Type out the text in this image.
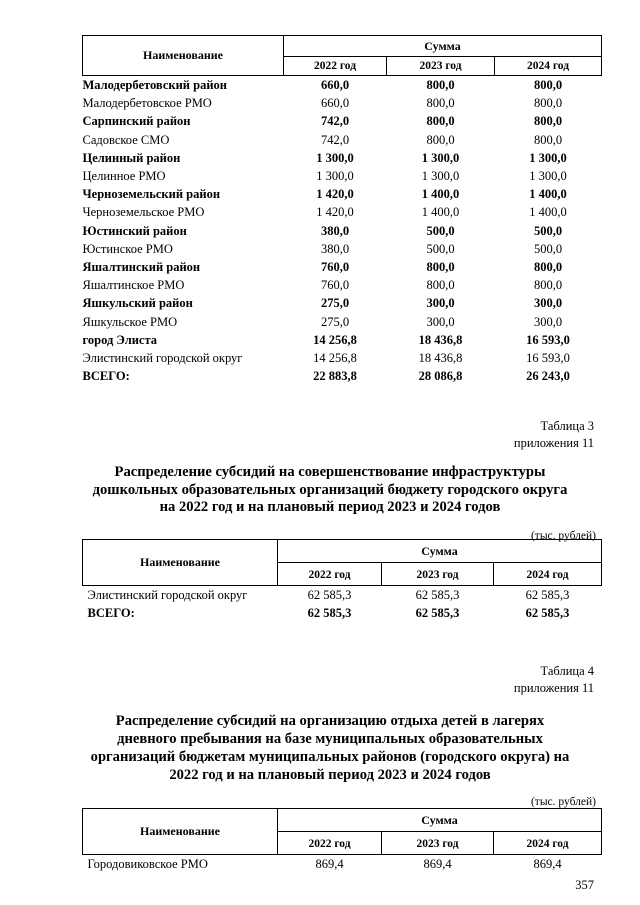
Наименование	Сумма		
	2022 год	2023 год	2024 год
Малодербетовский район	660,0	800,0	800,0
Малодербетовское РМО	660,0	800,0	800,0
Сарпинский район	742,0	800,0	800,0
Садовское СМО	742,0	800,0	800,0
Целинный район	1 300,0	1 300,0	1 300,0
Целинное РМО	1 300,0	1 300,0	1 300,0
Черноземельский район	1 420,0	1 400,0	1 400,0
Черноземельское РМО	1 420,0	1 400,0	1 400,0
Юстинский район	380,0	500,0	500,0
Юстинское РМО	380,0	500,0	500,0
Яшалтинский район	760,0	800,0	800,0
Яшалтинское РМО	760,0	800,0	800,0
Яшкульский район	275,0	300,0	300,0
Яшкульское РМО	275,0	300,0	300,0
город Элиста	14 256,8	18 436,8	16 593,0
Элистинский городской округ	14 256,8	18 436,8	16 593,0
ВСЕГО:	22 883,8	28 086,8	26 243,0
Таблица 3
приложения 11
Распределение субсидий на совершенствование инфраструктуры
дошкольных образовательных организаций бюджету городского округа
на 2022 год и на плановый период 2023 и 2024 годов
(тыс. рублей)
Наименование	Сумма		
	2022 год	2023 год	2024 год
Элистинский городской округ	62 585,3	62 585,3	62 585,3
ВСЕГО:	62 585,3	62 585,3	62 585,3
Таблица 4
приложения 11
Распределение субсидий на организацию отдыха детей в лагерях
дневного пребывания на базе муниципальных образовательных
организаций бюджетам муниципальных районов (городского округа) на
2022 год и на плановый период 2023 и 2024 годов
(тыс. рублей)
Наименование	Сумма		
	2022 год	2023 год	2024 год
Городовиковское РМО	869,4	869,4	869,4
357
